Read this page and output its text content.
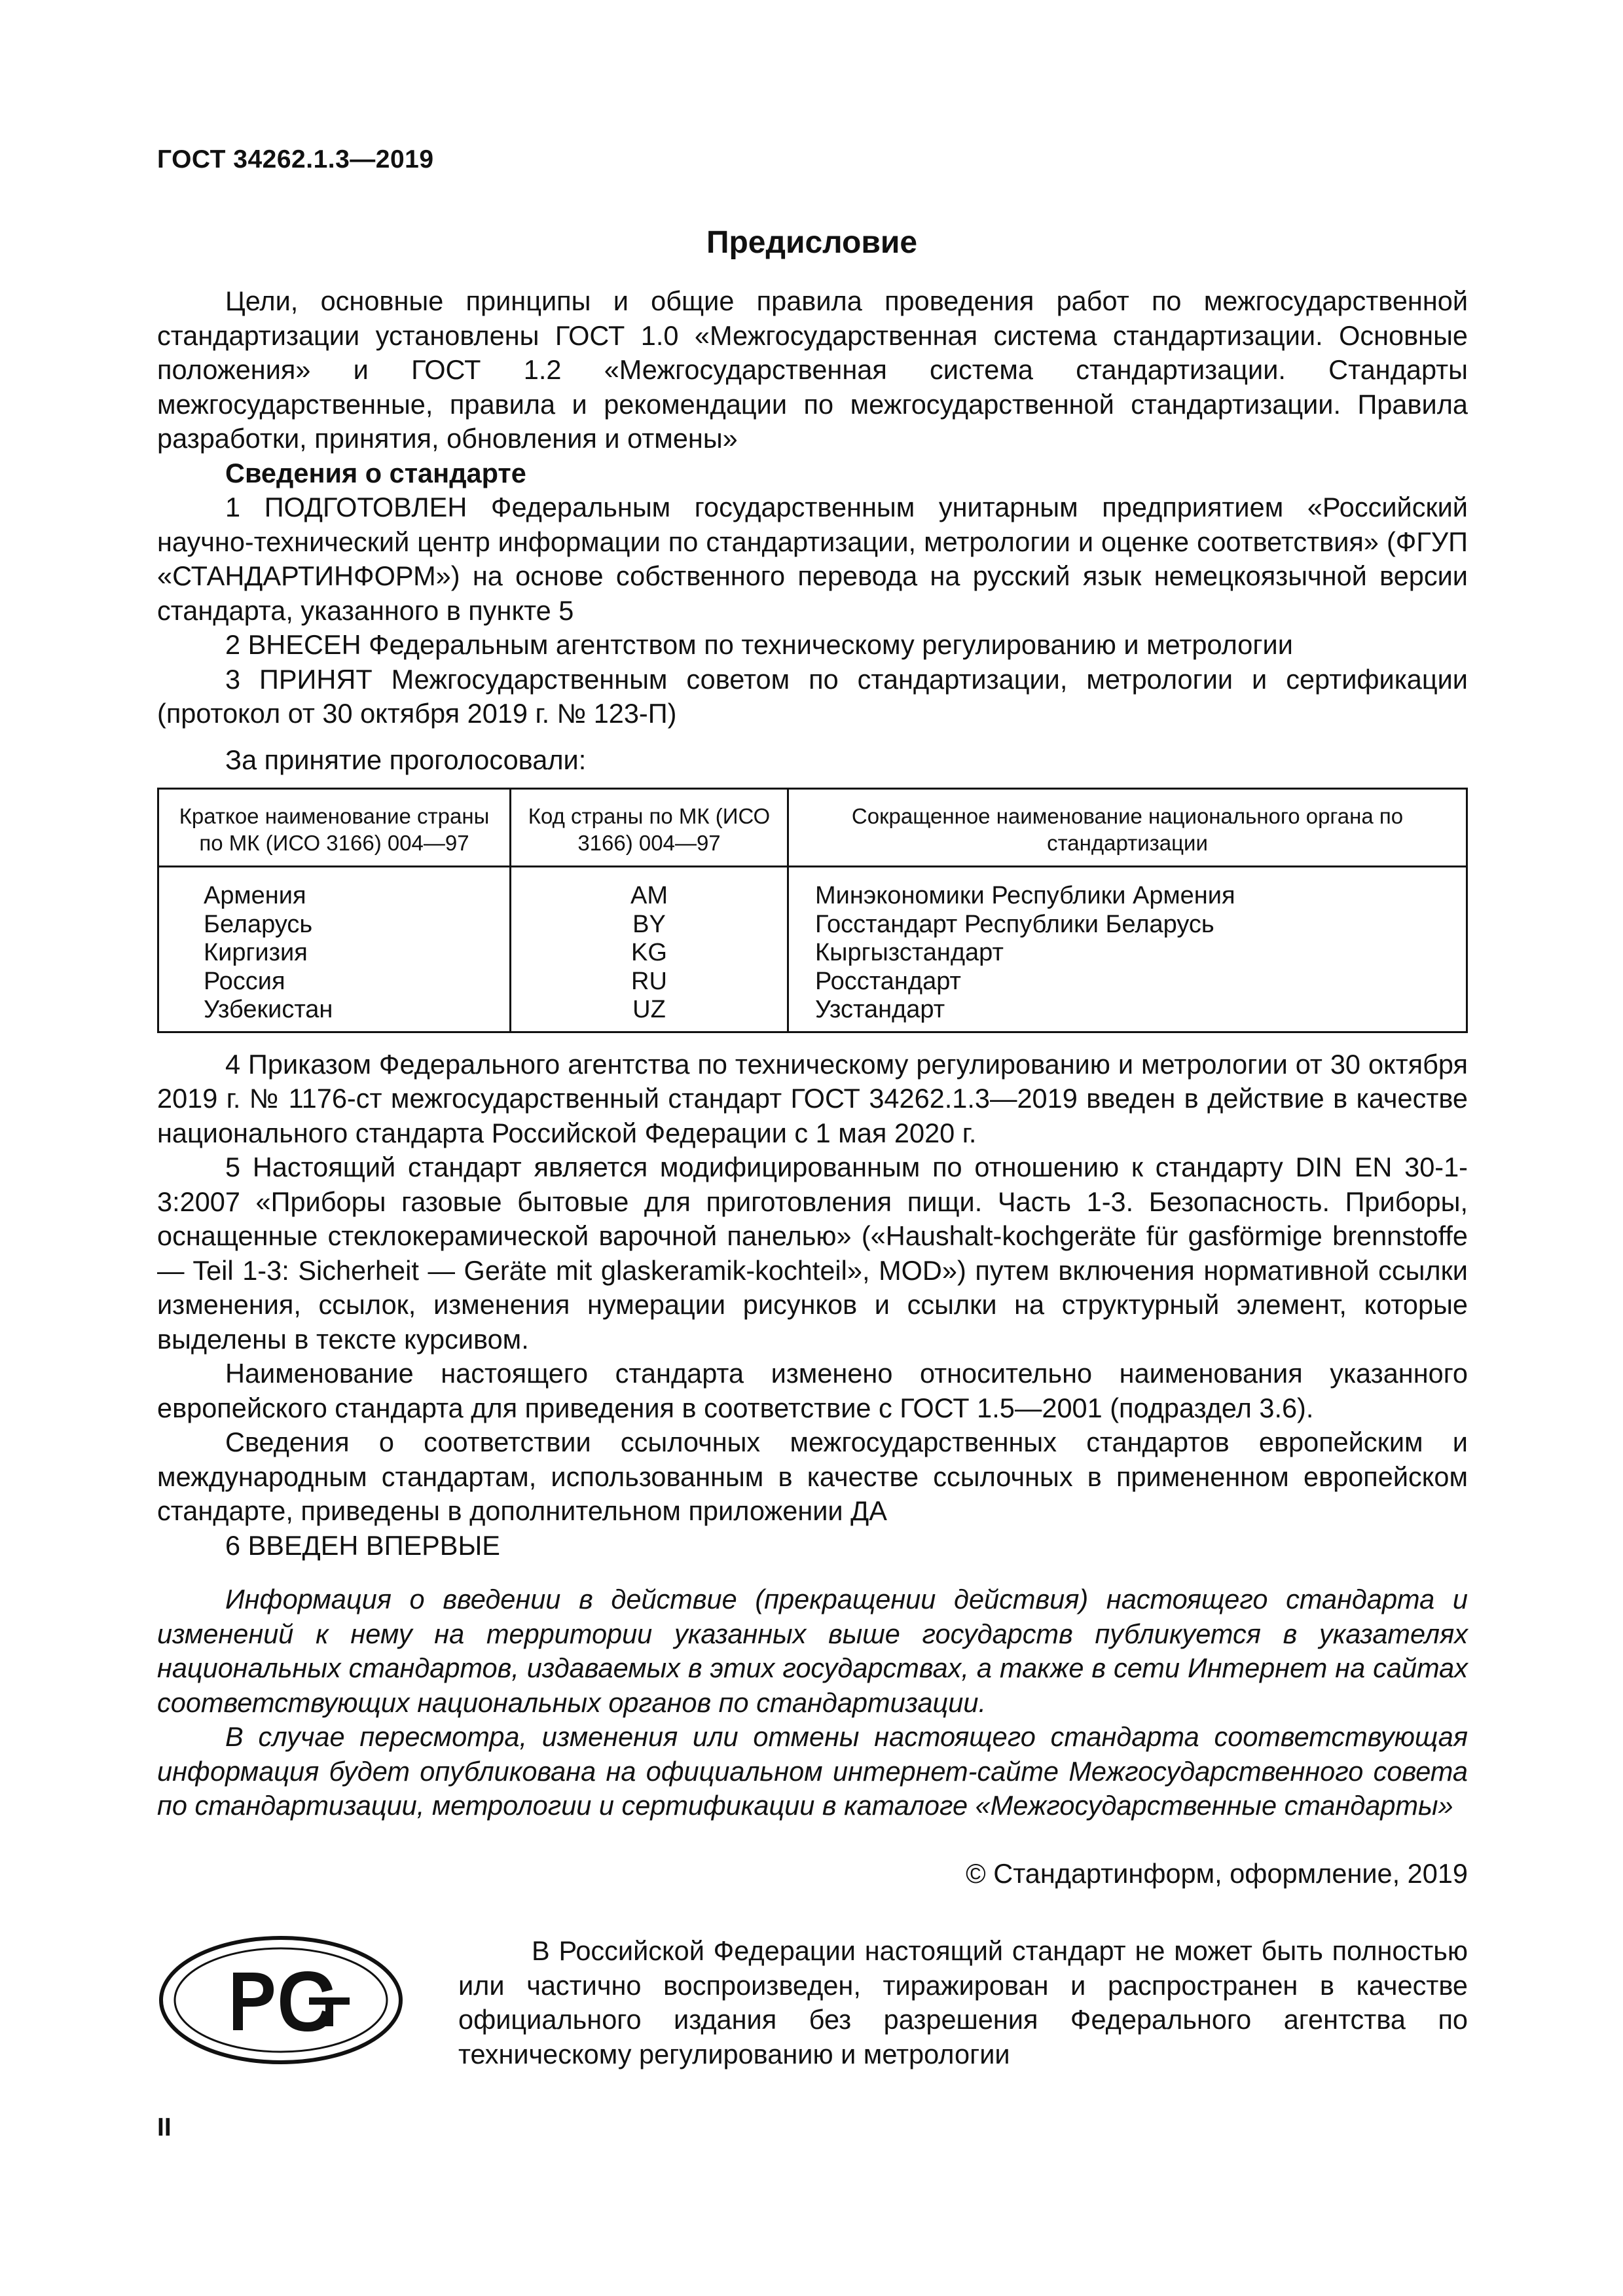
ГОСТ 34262.1.3—2019
Предисловие

Цели, основные принципы и общие правила проведения работ по межгосударственной стандартизации установлены ГОСТ 1.0 «Межгосударственная система стандартизации. Основные положения» и ГОСТ 1.2 «Межгосударственная система стандартизации. Стандарты межгосударственные, правила и рекомендации по межгосударственной стандартизации. Правила разработки, принятия, обновления и отмены»

Сведения о стандарте

1 ПОДГОТОВЛЕН Федеральным государственным унитарным предприятием «Российский научно-технический центр информации по стандартизации, метрологии и оценке соответствия» (ФГУП «СТАНДАРТИНФОРМ») на основе собственного перевода на русский язык немецкоязычной версии стандарта, указанного в пункте 5

2 ВНЕСЕН Федеральным агентством по техническому регулированию и метрологии

3 ПРИНЯТ Межгосударственным советом по стандартизации, метрологии и сертификации (протокол от 30 октября 2019 г. № 123-П)

За принятие проголосовали:

Краткое наименование страны по МК (ИСО 3166) 004—97	Код страны по МК (ИСО 3166) 004—97	Сокращенное наименование национального органа по стандартизации
Армения	AM	Минэкономики Республики Армения
Беларусь	BY	Госстандарт Республики Беларусь
Киргизия	KG	Кыргызстандарт
Россия	RU	Росстандарт
Узбекистан	UZ	Узстандарт

4 Приказом Федерального агентства по техническому регулированию и метрологии от 30 октября 2019 г. № 1176-ст межгосударственный стандарт ГОСТ 34262.1.3—2019 введен в действие в качестве национального стандарта Российской Федерации с 1 мая 2020 г.

5 Настоящий стандарт является модифицированным по отношению к стандарту DIN EN 30-1-3:2007 «Приборы газовые бытовые для приготовления пищи. Часть 1-3. Безопасность. Приборы, оснащенные стеклокерамической варочной панелью» («Haushalt-kochgeräte für gasförmige brennstoffe — Teil 1-3: Sicherheit — Geräte mit glaskeramik-kochteil», MOD») путем включения нормативной ссылки изменения, ссылок, изменения нумерации рисунков и ссылки на структурный элемент, которые выделены в тексте курсивом.

Наименование настоящего стандарта изменено относительно наименования указанного европейского стандарта для приведения в соответствие с ГОСТ 1.5—2001 (подраздел 3.6).

Сведения о соответствии ссылочных межгосударственных стандартов европейским и международным стандартам, использованным в качестве ссылочных в примененном европейском стандарте, приведены в дополнительном приложении ДА

6 ВВЕДЕН ВПЕРВЫЕ

Информация о введении в действие (прекращении действия) настоящего стандарта и изменений к нему на территории указанных выше государств публикуется в указателях национальных стандартов, издаваемых в этих государствах, а также в сети Интернет на сайтах соответствующих национальных органов по стандартизации.

В случае пересмотра, изменения или отмены настоящего стандарта соответствующая информация будет опубликована на официальном интернет-сайте Межгосударственного совета по стандартизации, метрологии и сертификации в каталоге «Межгосударственные стандарты»

© Стандартинформ, оформление, 2019
В Российской Федерации настоящий стандарт не может быть полностью или частично воспроизведен, тиражирован и распространен в качестве официального издания без разрешения Федерального агентства по техническому регулированию и метрологии
II
